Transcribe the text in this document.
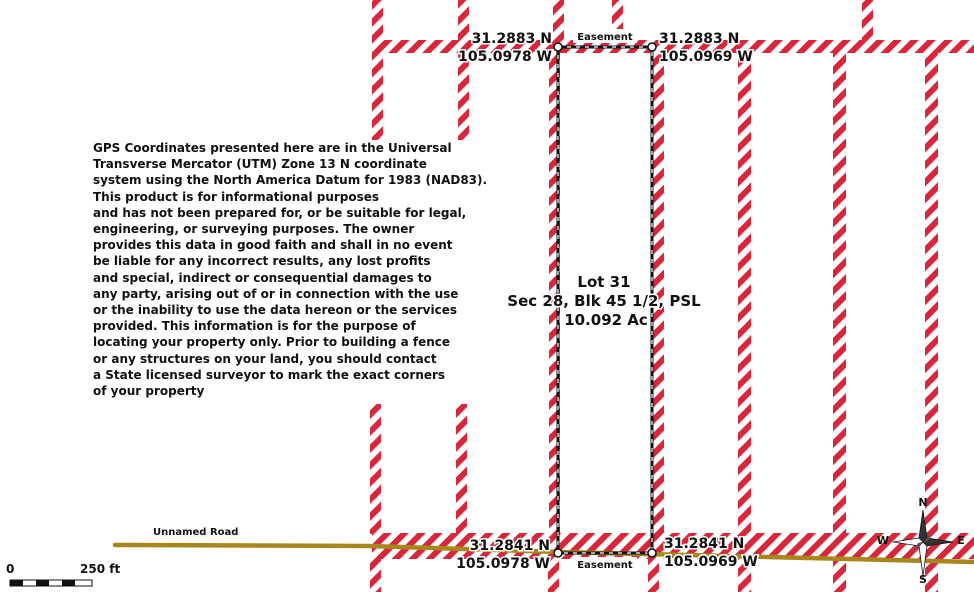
31.2883 N
105.0978 W
31.2883 N
105.0969 W
31.2841 N
105.0978 W
31.2841 N
105.0969 W
Easement
Easement
Lot 31
Sec 28, Blk 45 1/2, PSL
10.092 Ac
Unnamed Road
0	250 ft
N
S
E
W
GPS Coordinates presented here are in the Universal
Transverse Mercator (UTM) Zone 13 N coordinate
system using the North America Datum for 1983 (NAD83).
This product is for informational purposes
and has not been prepared for, or be suitable for legal,
engineering, or surveying purposes. The owner
provides this data in good faith and shall in no event
be liable for any incorrect results, any lost profits
and special, indirect or consequential damages to
any party, arising out of or in connection with the use
or the inability to use the data hereon or the services
provided. This information is for the purpose of
locating your property only. Prior to building a fence
or any structures on your land, you should contact
a State licensed surveyor to mark the exact corners
of your property
